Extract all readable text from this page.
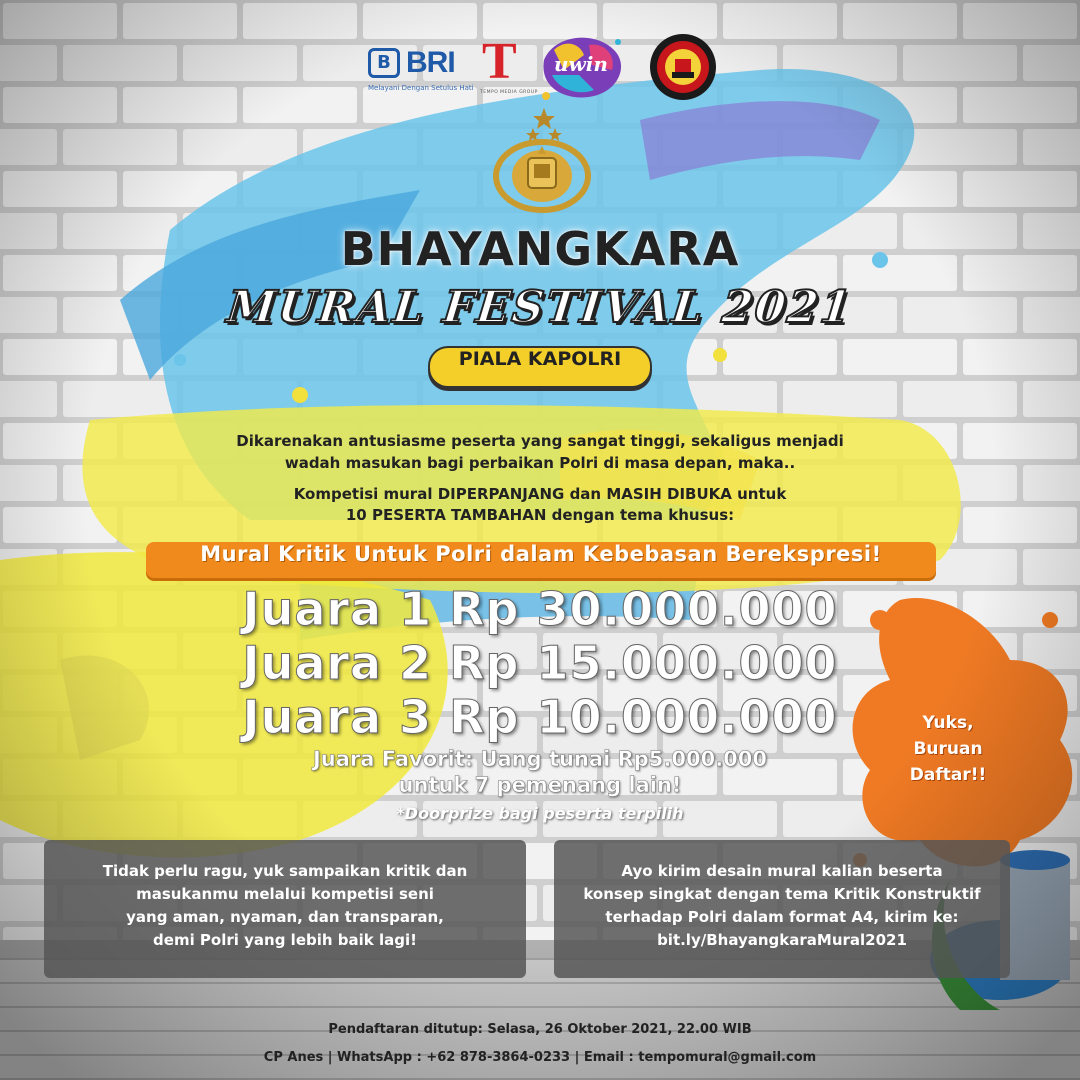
B BRI
Melayani Dengan Setulus Hati T
TEMPO MEDIA GROUP
uwin
BHAYANGKARA
MURAL FESTIVAL 2021
PIALA KAPOLRI
Dikarenakan antusiasme peserta yang sangat tinggi, sekaligus menjadi
wadah masukan bagi perbaikan Polri di masa depan, maka..
Kompetisi mural DIPERPANJANG dan MASIH DIBUKA untuk
10 PESERTA TAMBAHAN dengan tema khusus:
Mural Kritik Untuk Polri dalam Kebebasan Berekspresi!
Juara 1 Rp 30.000.000
Juara 2 Rp 15.000.000
Juara 3 Rp 10.000.000
Juara Favorit: Uang tunai Rp5.000.000
untuk 7 pemenang lain!
*Doorprize bagi peserta terpilih
Yuks,
Buruan
Daftar!!
Tidak perlu ragu, yuk sampaikan kritik dan
masukanmu melalui kompetisi seni
yang aman, nyaman, dan transparan,
demi Polri yang lebih baik lagi!
Ayo kirim desain mural kalian beserta
konsep singkat dengan tema Kritik Konstruktif
terhadap Polri dalam format A4, kirim ke:
bit.ly/BhayangkaraMural2021
Pendaftaran ditutup: Selasa, 26 Oktober 2021, 22.00 WIB
CP Anes | WhatsApp : +62 878-3864-0233 | Email : tempomural@gmail.com
